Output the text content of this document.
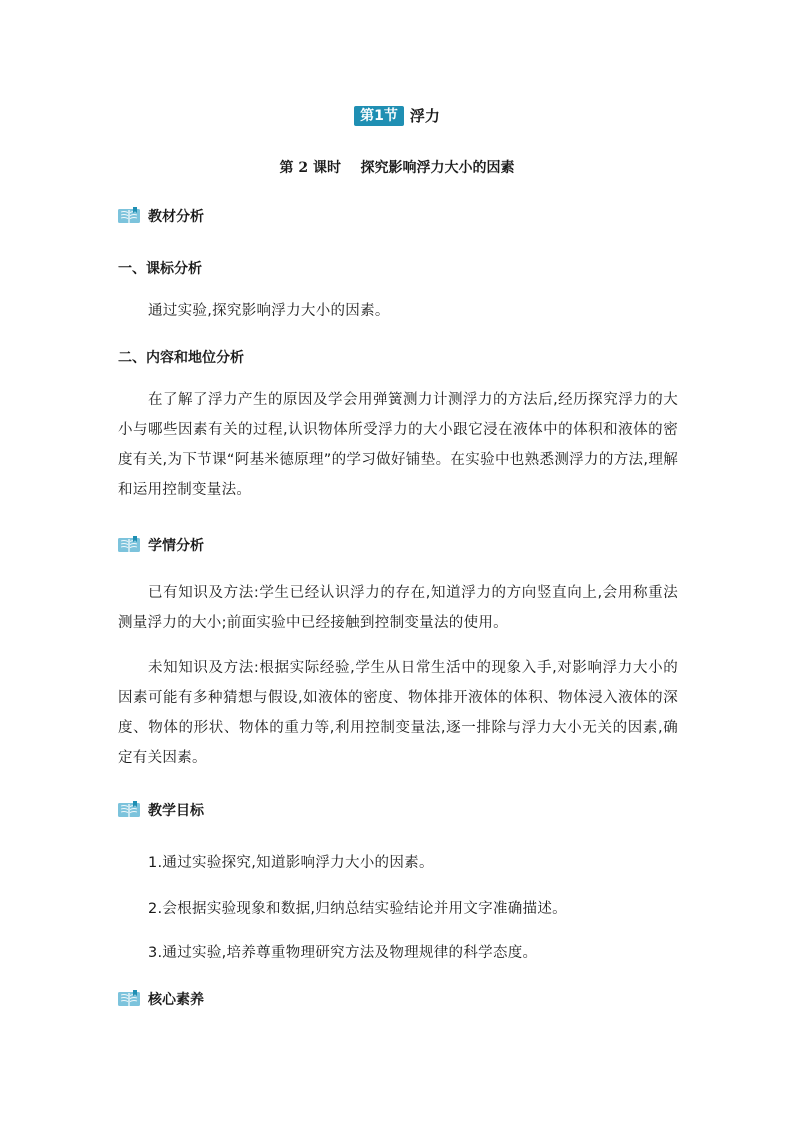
第1节 浮力
第 2 课时    探究影响浮力大小的因素
教材分析
一、课标分析
通过实验,探究影响浮力大小的因素。
二、内容和地位分析
在了解了浮力产生的原因及学会用弹簧测力计测浮力的方法后,经历探究浮力的大小与哪些因素有关的过程,认识物体所受浮力的大小跟它浸在液体中的体积和液体的密度有关,为下节课“阿基米德原理”的学习做好铺垫。在实验中也熟悉测浮力的方法,理解和运用控制变量法。
学情分析
已有知识及方法:学生已经认识浮力的存在,知道浮力的方向竖直向上,会用称重法测量浮力的大小;前面实验中已经接触到控制变量法的使用。
未知知识及方法:根据实际经验,学生从日常生活中的现象入手,对影响浮力大小的因素可能有多种猜想与假设,如液体的密度、物体排开液体的体积、物体浸入液体的深度、物体的形状、物体的重力等,利用控制变量法,逐一排除与浮力大小无关的因素,确定有关因素。
教学目标
1.通过实验探究,知道影响浮力大小的因素。
2.会根据实验现象和数据,归纳总结实验结论并用文字准确描述。
3.通过实验,培养尊重物理研究方法及物理规律的科学态度。
核心素养
